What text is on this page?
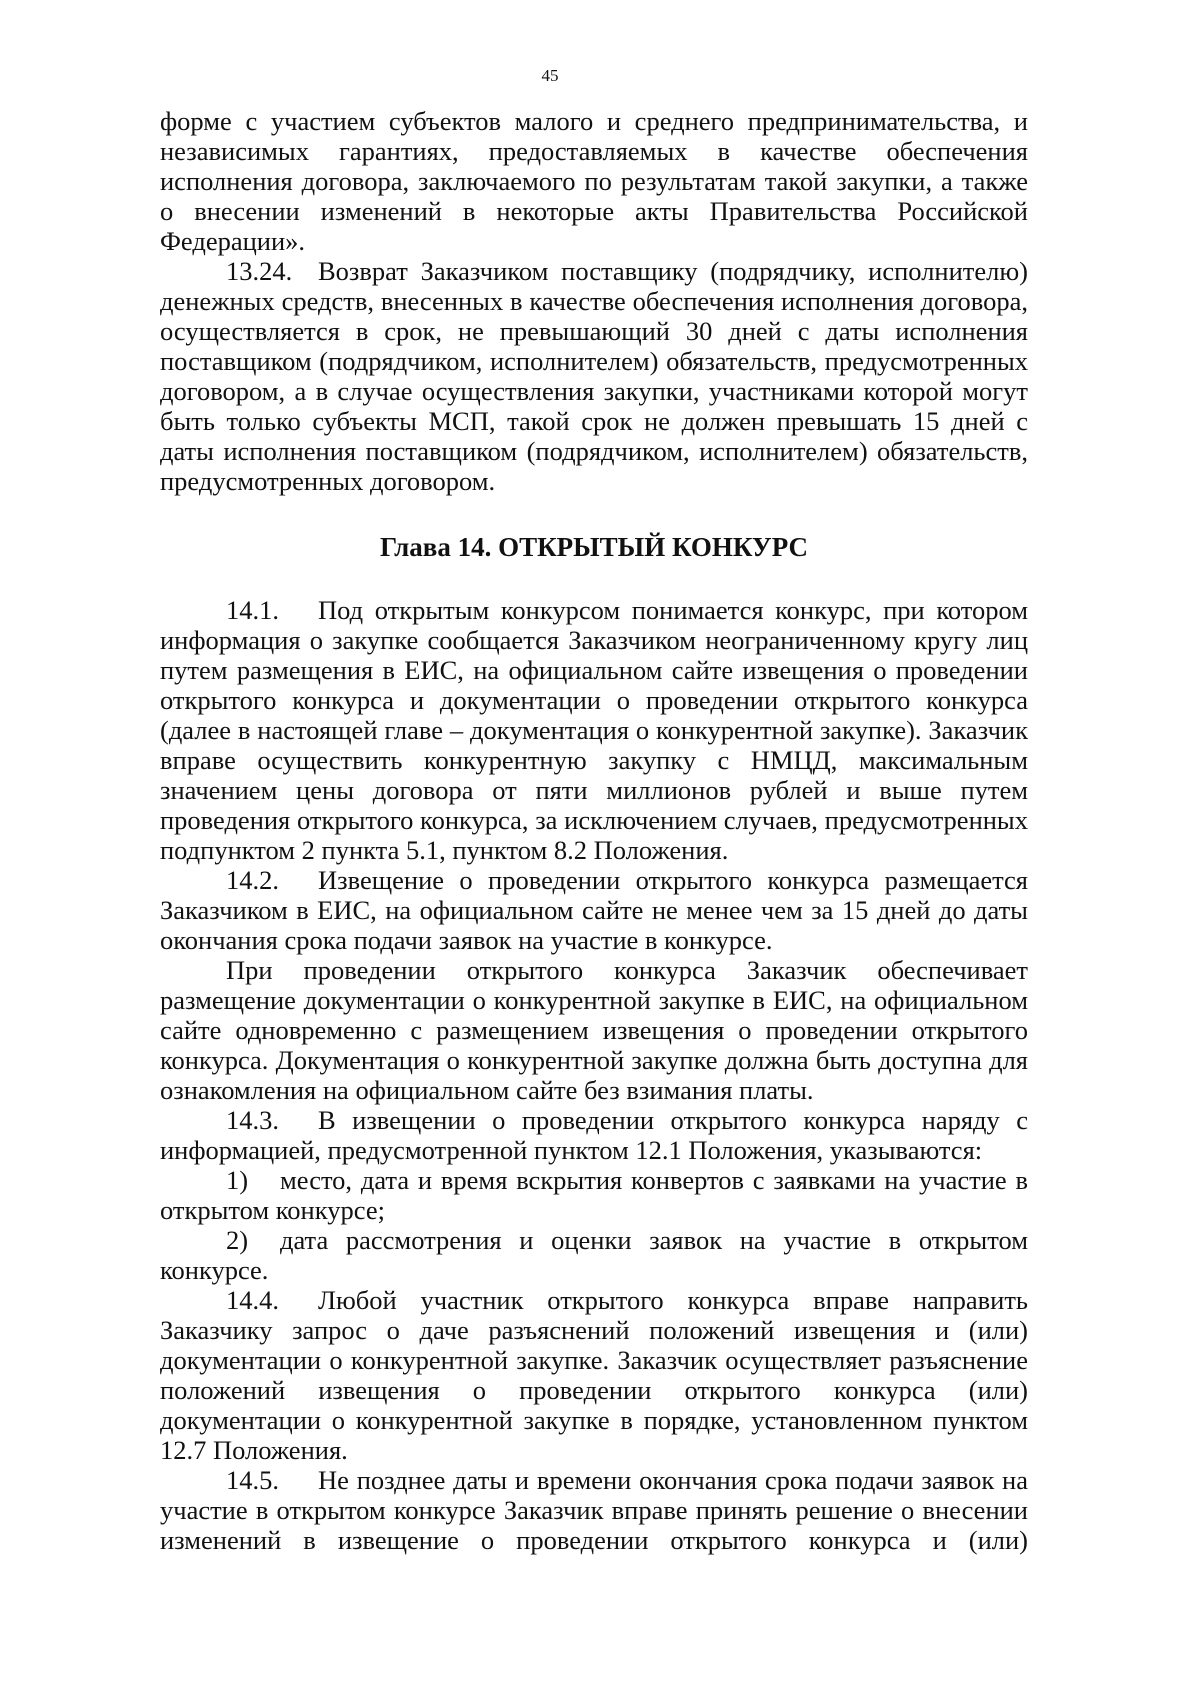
45

форме с участием субъектов малого и среднего предпринимательства, и независимых гарантиях, предоставляемых в качестве обеспечения исполнения договора, заключаемого по результатам такой закупки, а также о внесении изменений в некоторые акты Правительства Российской Федерации».

13.24. Возврат Заказчиком поставщику (подрядчику, исполнителю) денежных средств, внесенных в качестве обеспечения исполнения договора, осуществляется в срок, не превышающий 30 дней с даты исполнения поставщиком (подрядчиком, исполнителем) обязательств, предусмотренных договором, а в случае осуществления закупки, участниками которой могут быть только субъекты МСП, такой срок не должен превышать 15 дней с даты исполнения поставщиком (подрядчиком, исполнителем) обязательств, предусмотренных договором.

Глава 14. ОТКРЫТЫЙ КОНКУРС

14.1. Под открытым конкурсом понимается конкурс, при котором информация о закупке сообщается Заказчиком неограниченному кругу лиц путем размещения в ЕИС, на официальном сайте извещения о проведении открытого конкурса и документации о проведении открытого конкурса (далее в настоящей главе – документация о конкурентной закупке). Заказчик вправе осуществить конкурентную закупку с НМЦД, максимальным значением цены договора от пяти миллионов рублей и выше путем проведения открытого конкурса, за исключением случаев, предусмотренных подпунктом 2 пункта 5.1, пунктом 8.2 Положения.

14.2. Извещение о проведении открытого конкурса размещается Заказчиком в ЕИС, на официальном сайте не менее чем за 15 дней до даты окончания срока подачи заявок на участие в конкурсе.

При проведении открытого конкурса Заказчик обеспечивает размещение документации о конкурентной закупке в ЕИС, на официальном сайте одновременно с размещением извещения о проведении открытого конкурса. Документация о конкурентной закупке должна быть доступна для ознакомления на официальном сайте без взимания платы.

14.3. В извещении о проведении открытого конкурса наряду с информацией, предусмотренной пунктом 12.1 Положения, указываются:

1) место, дата и время вскрытия конвертов с заявками на участие в открытом конкурсе;

2) дата рассмотрения и оценки заявок на участие в открытом конкурсе.

14.4. Любой участник открытого конкурса вправе направить Заказчику запрос о даче разъяснений положений извещения и (или) документации о конкурентной закупке. Заказчик осуществляет разъяснение положений извещения о проведении открытого конкурса (или) документации о конкурентной закупке в порядке, установленном пунктом 12.7 Положения.

14.5. Не позднее даты и времени окончания срока подачи заявок на участие в открытом конкурсе Заказчик вправе принять решение о внесении изменений в извещение о проведении открытого конкурса и (или)
